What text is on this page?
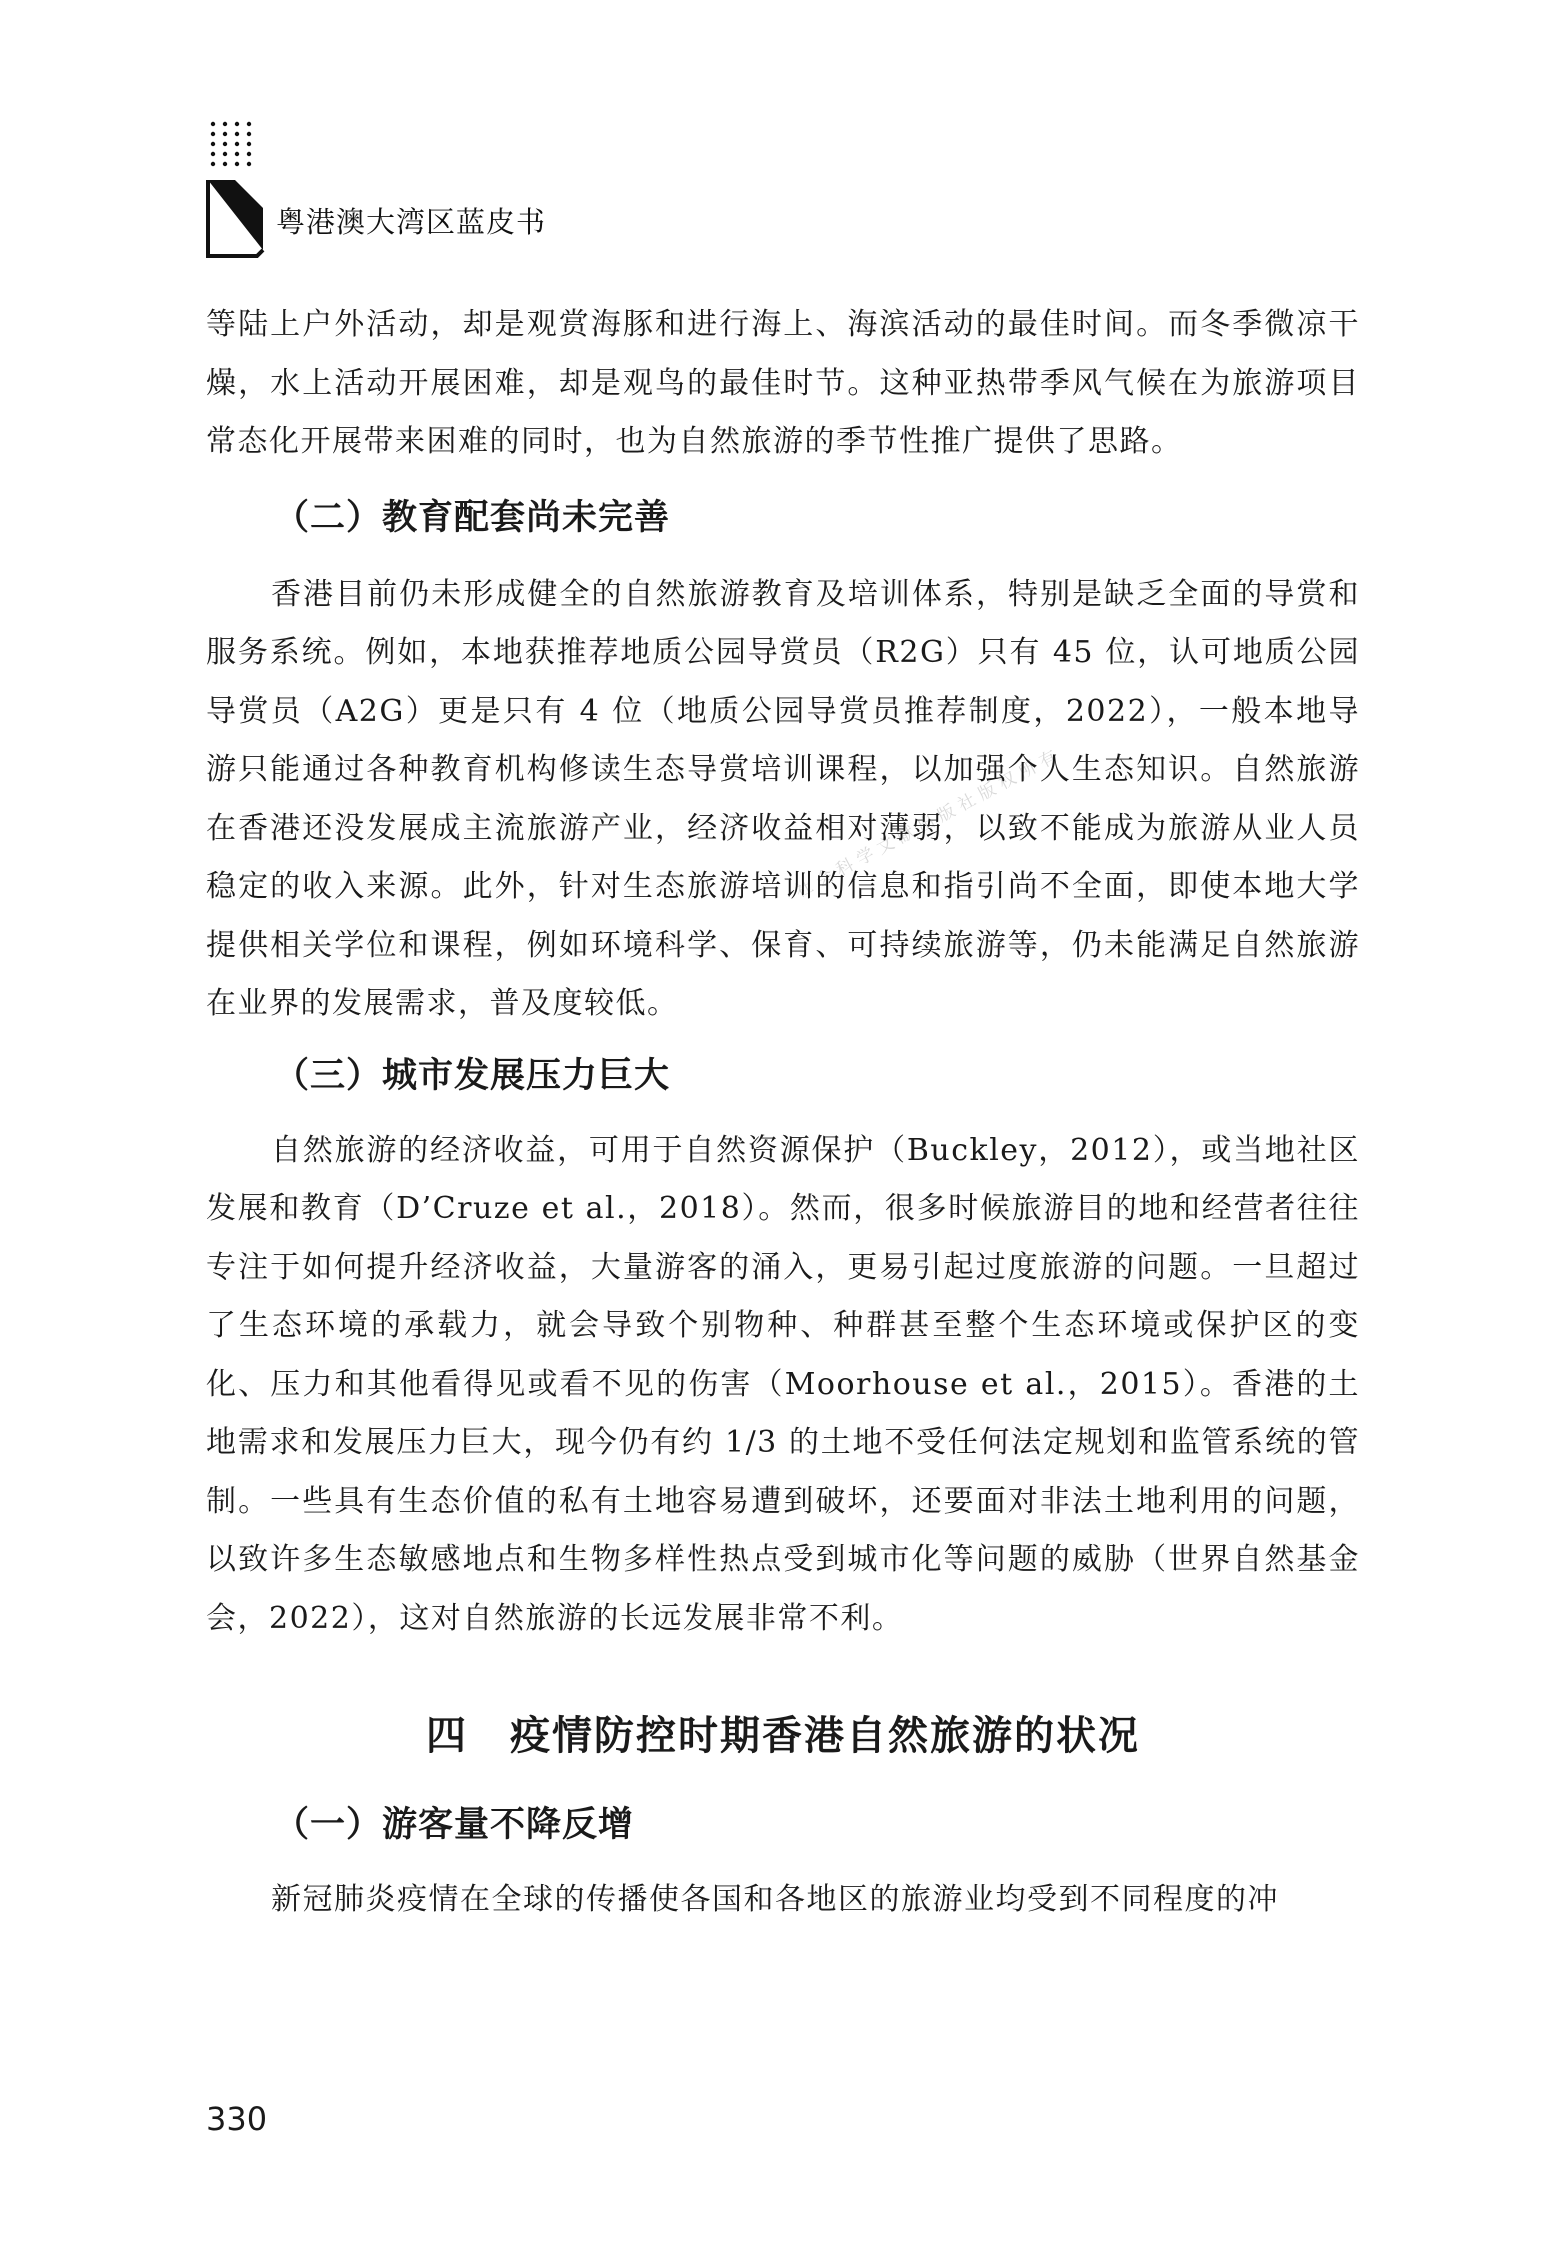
粤港澳大湾区蓝皮书
社会科学文献出版社版权所有

等陆上户外活动，却是观赏海豚和进行海上、海滨活动的最佳时间。而冬季微凉干燥，水上活动开展困难，却是观鸟的最佳时节。这种亚热带季风气候在为旅游项目常态化开展带来困难的同时，也为自然旅游的季节性推广提供了思路。

（二）教育配套尚未完善

香港目前仍未形成健全的自然旅游教育及培训体系，特别是缺乏全面的导赏和服务系统。例如，本地获推荐地质公园导赏员（R2G）只有 45 位，认可地质公园导赏员（A2G）更是只有 4 位（地质公园导赏员推荐制度，2022），一般本地导游只能通过各种教育机构修读生态导赏培训课程，以加强个人生态知识。自然旅游在香港还没发展成主流旅游产业，经济收益相对薄弱，以致不能成为旅游从业人员稳定的收入来源。此外，针对生态旅游培训的信息和指引尚不全面，即使本地大学提供相关学位和课程，例如环境科学、保育、可持续旅游等，仍未能满足自然旅游在业界的发展需求，普及度较低。

（三）城市发展压力巨大

自然旅游的经济收益，可用于自然资源保护（Buckley，2012），或当地社区发展和教育（D’Cruze et al.，2018）。然而，很多时候旅游目的地和经营者往往专注于如何提升经济收益，大量游客的涌入，更易引起过度旅游的问题。一旦超过了生态环境的承载力，就会导致个别物种、种群甚至整个生态环境或保护区的变化、压力和其他看得见或看不见的伤害（Moorhouse et al.，2015）。香港的土地需求和发展压力巨大，现今仍有约 1/3 的土地不受任何法定规划和监管系统的管制。一些具有生态价值的私有土地容易遭到破坏，还要面对非法土地利用的问题，以致许多生态敏感地点和生物多样性热点受到城市化等问题的威胁（世界自然基金会，2022），这对自然旅游的长远发展非常不利。

四　疫情防控时期香港自然旅游的状况
（一）游客量不降反增

新冠肺炎疫情在全球的传播使各国和各地区的旅游业均受到不同程度的冲

330
